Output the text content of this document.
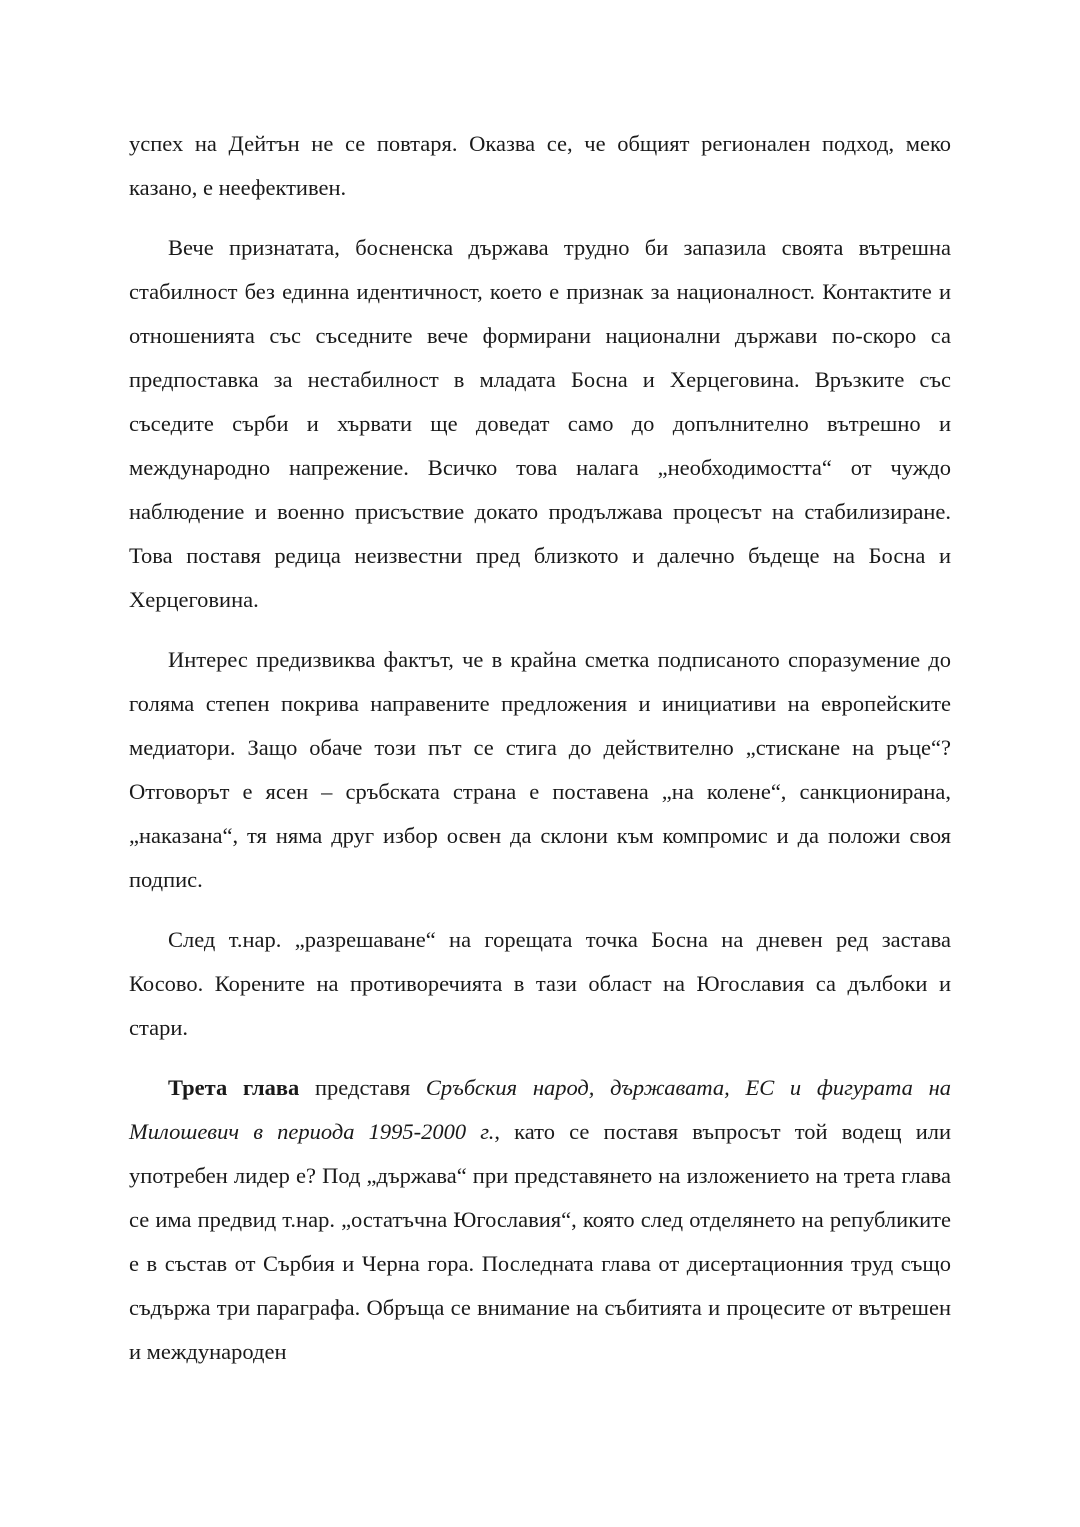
успех на Дейтън не се повтаря. Оказва се, че общият регионален подход, меко казано, е неефективен.

Вече признатата, босненска държава трудно би запазила своята вътрешна стабилност без единна идентичност, което е признак за националност. Контактите и отношенията със съседните вече формирани национални държави по-скоро са предпоставка за нестабилност в младата Босна и Херцеговина. Връзките със съседите сърби и хървати ще доведат само до допълнително вътрешно и международно напрежение. Всичко това налага „необходимостта“ от чуждо наблюдение и военно присъствие докато продължава процесът на стабилизиране. Това поставя редица неизвестни пред близкото и далечно бъдеще на Босна и Херцеговина.

Интерес предизвиква фактът, че в крайна сметка подписаното споразумение до голяма степен покрива направените предложения и инициативи на европейските медиатори. Защо обаче този път се стига до действително „стискане на ръце“? Отговорът е ясен – сръбската страна е поставена „на колене“, санкционирана, „наказана“, тя няма друг избор освен да склони към компромис и да положи своя подпис.

След т.нар. „разрешаване“ на горещата точка Босна на дневен ред застава Косово. Корените на противоречията в тази област на Югославия са дълбоки и стари.

Трета глава представя Сръбския народ, държавата, ЕС и фигурата на Милошевич в периода 1995-2000 г., като се поставя въпросът той водещ или употребен лидер е? Под „държава“ при представянето на изложението на трета глава се има предвид т.нар. „остатъчна Югославия“, която след отделянето на републиките е в състав от Сърбия и Черна гора. Последната глава от дисертационния труд също съдържа три параграфа. Обръща се внимание на събитията и процесите от вътрешен и международен
